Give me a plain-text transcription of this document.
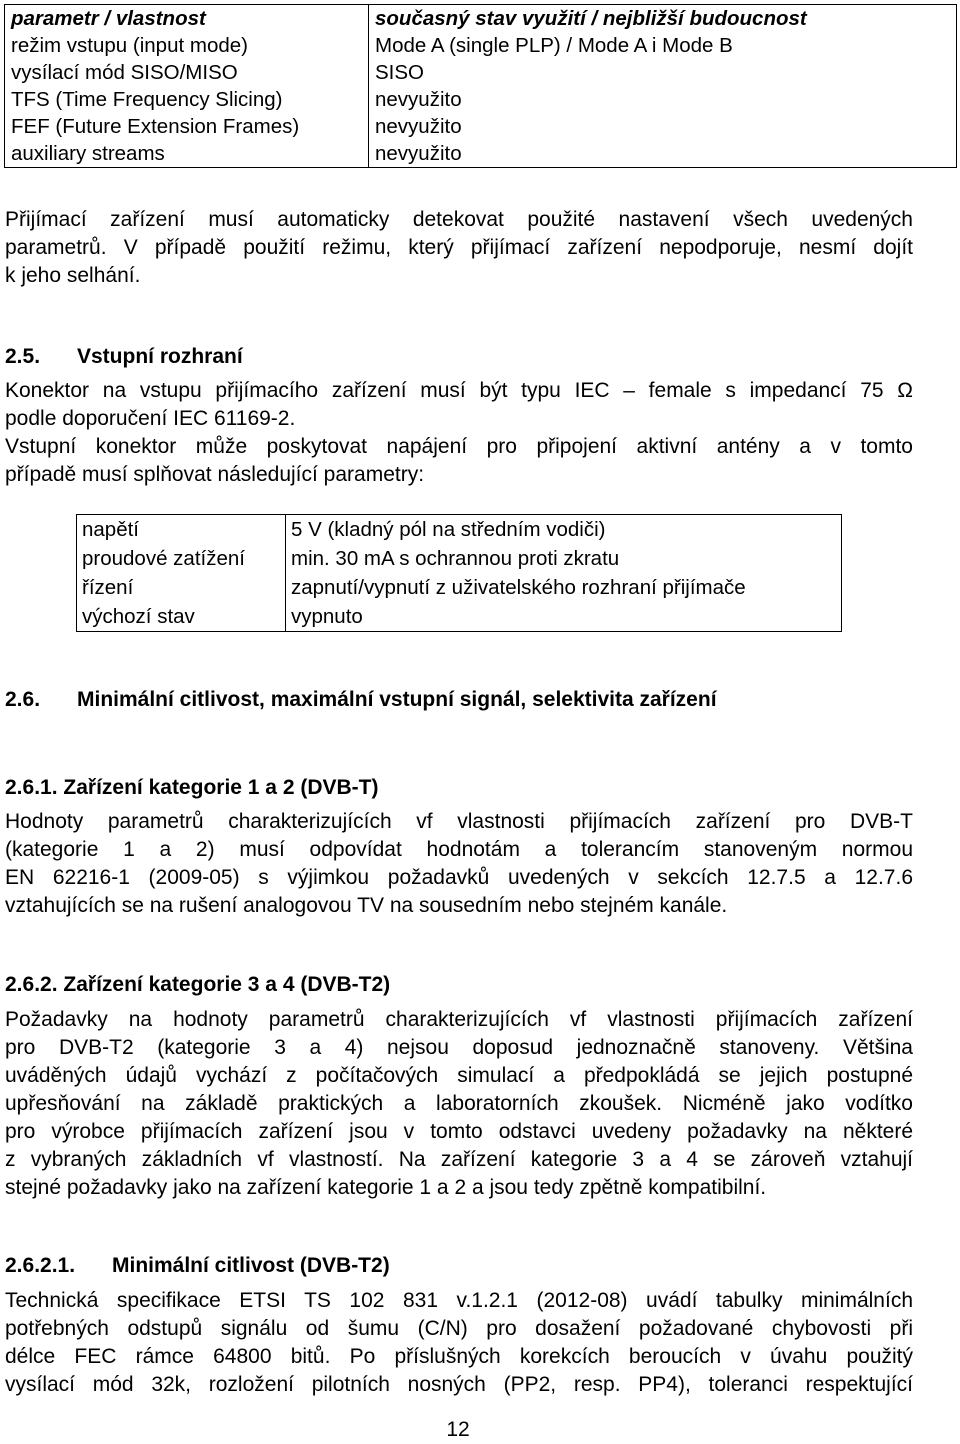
parametr / vlastnost	současný stav využití / nejbližší budoucnost
režim vstupu (input mode)	Mode A (single PLP) / Mode A i Mode B
vysílací mód SISO/MISO	SISO
TFS (Time Frequency Slicing)	nevyužito
FEF (Future Extension Frames)	nevyužito
auxiliary streams	nevyužito
Přijímací zařízení musí automaticky detekovat použité nastavení všech uvedených
parametrů. V případě použití režimu, který přijímací zařízení nepodporuje, nesmí dojít
k jeho selhání.
2.5. Vstupní rozhraní
Konektor na vstupu přijímacího zařízení musí být typu IEC – female s impedancí 75 Ω
podle doporučení IEC 61169-2.
Vstupní konektor může poskytovat napájení pro připojení aktivní antény a v tomto
případě musí splňovat následující parametry:
napětí	5 V (kladný pól na středním vodiči)
proudové zatížení	min. 30 mA s ochrannou proti zkratu
řízení	zapnutí/vypnutí z uživatelského rozhraní přijímače
výchozí stav	vypnuto
2.6. Minimální citlivost, maximální vstupní signál, selektivita zařízení
2.6.1. Zařízení kategorie 1 a 2 (DVB-T)
Hodnoty parametrů charakterizujících vf vlastnosti přijímacích zařízení pro DVB-T
(kategorie 1 a 2) musí odpovídat hodnotám a tolerancím stanoveným normou
EN 62216-1 (2009-05) s výjimkou požadavků uvedených v sekcích 12.7.5 a 12.7.6
vztahujících se na rušení analogovou TV na sousedním nebo stejném kanále.
2.6.2. Zařízení kategorie 3 a 4 (DVB-T2)
Požadavky na hodnoty parametrů charakterizujících vf vlastnosti přijímacích zařízení
pro DVB-T2 (kategorie 3 a 4) nejsou doposud jednoznačně stanoveny. Většina
uváděných údajů vychází z počítačových simulací a předpokládá se jejich postupné
upřesňování na základě praktických a laboratorních zkoušek. Nicméně jako vodítko
pro výrobce přijímacích zařízení jsou v tomto odstavci uvedeny požadavky na některé
z vybraných základních vf vlastností. Na zařízení kategorie 3 a 4 se zároveň vztahují
stejné požadavky jako na zařízení kategorie 1 a 2 a jsou tedy zpětně kompatibilní.
2.6.2.1. Minimální citlivost (DVB-T2)
Technická specifikace ETSI TS 102 831 v.1.2.1 (2012-08) uvádí tabulky minimálních
potřebných odstupů signálu od šumu (C/N) pro dosažení požadované chybovosti při
délce FEC rámce 64800 bitů. Po příslušných korekcích beroucích v úvahu použitý
vysílací mód 32k, rozložení pilotních nosných (PP2, resp. PP4), toleranci respektující
12
